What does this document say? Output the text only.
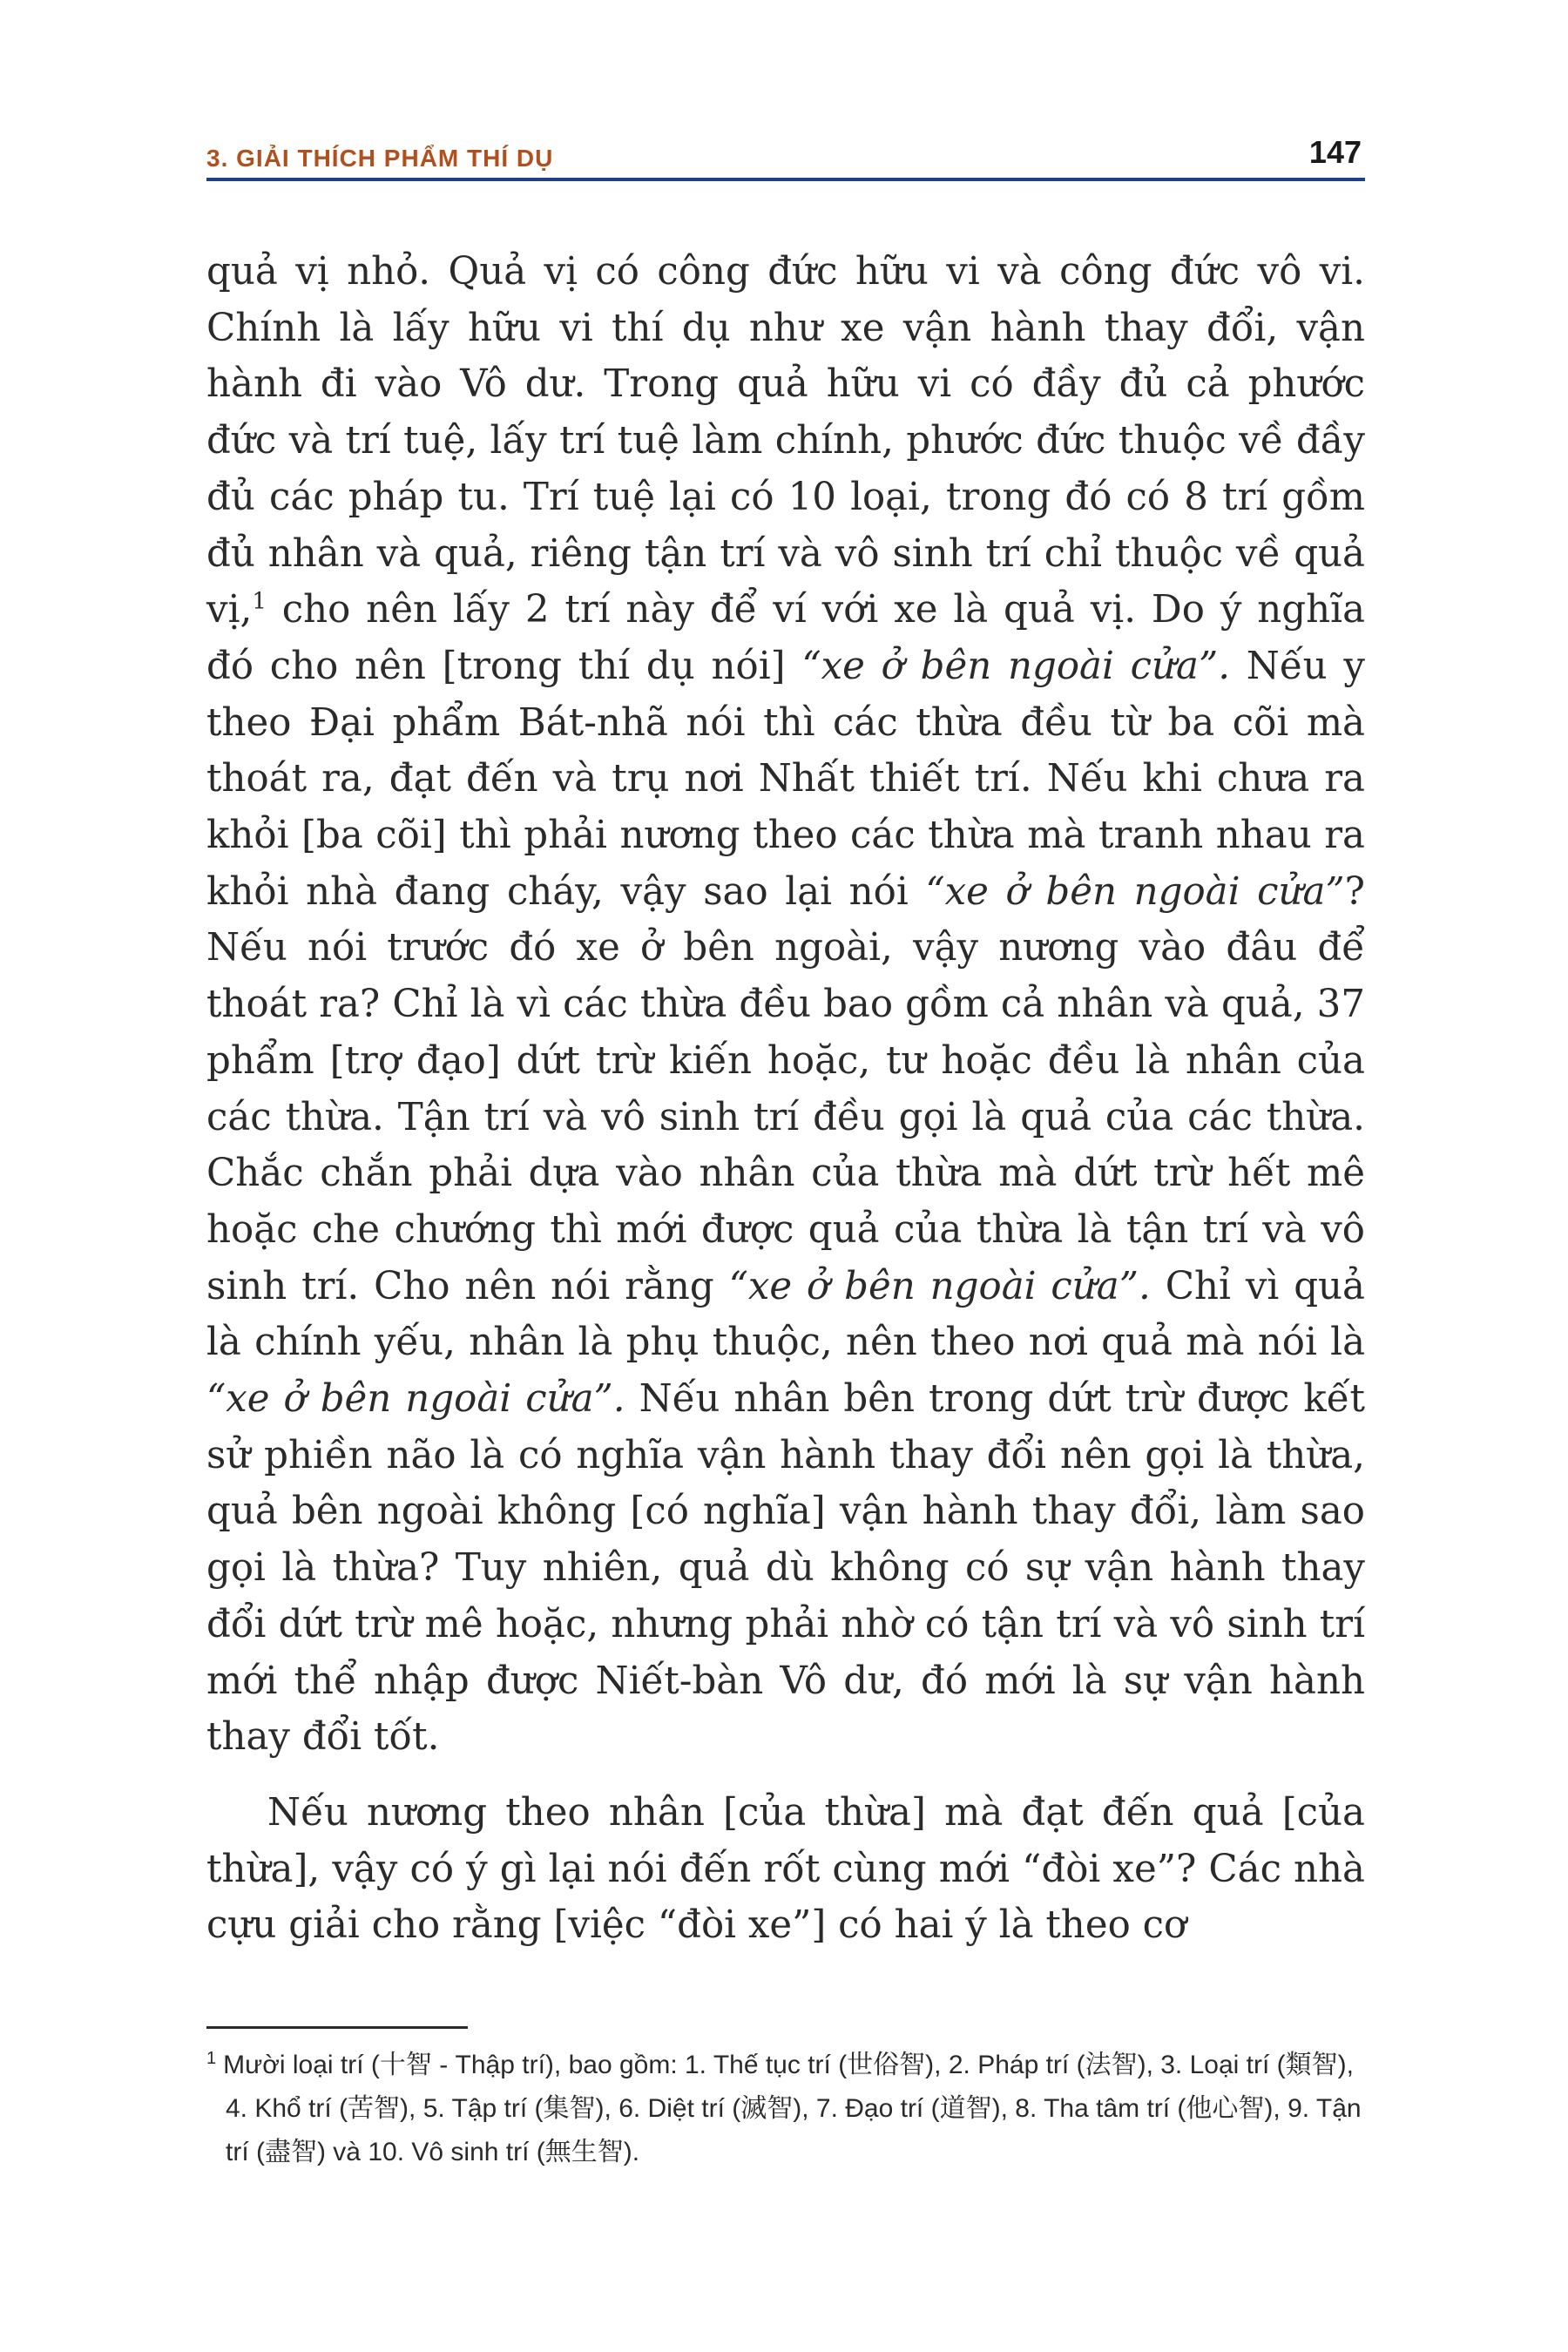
3. GIẢI THÍCH PHẨM THÍ DỤ	147

quả vị nhỏ. Quả vị có công đức hữu vi và công đức vô vi. Chính là lấy hữu vi thí dụ như xe vận hành thay đổi, vận hành đi vào Vô dư. Trong quả hữu vi có đầy đủ cả phước đức và trí tuệ, lấy trí tuệ làm chính, phước đức thuộc về đầy đủ các pháp tu. Trí tuệ lại có 10 loại, trong đó có 8 trí gồm đủ nhân và quả, riêng tận trí và vô sinh trí chỉ thuộc về quả vị,$^1$ cho nên lấy 2 trí này để ví với xe là quả vị. Do ý nghĩa đó cho nên [trong thí dụ nói] “xe ở bên ngoài cửa”. Nếu y theo Đại phẩm Bát-nhã nói thì các thừa đều từ ba cõi mà thoát ra, đạt đến và trụ nơi Nhất thiết trí. Nếu khi chưa ra khỏi [ba cõi] thì phải nương theo các thừa mà tranh nhau ra khỏi nhà đang cháy, vậy sao lại nói “xe ở bên ngoài cửa”? Nếu nói trước đó xe ở bên ngoài, vậy nương vào đâu để thoát ra? Chỉ là vì các thừa đều bao gồm cả nhân và quả, 37 phẩm [trợ đạo] dứt trừ kiến hoặc, tư hoặc đều là nhân của các thừa. Tận trí và vô sinh trí đều gọi là quả của các thừa. Chắc chắn phải dựa vào nhân của thừa mà dứt trừ hết mê hoặc che chướng thì mới được quả của thừa là tận trí và vô sinh trí. Cho nên nói rằng “xe ở bên ngoài cửa”. Chỉ vì quả là chính yếu, nhân là phụ thuộc, nên theo nơi quả mà nói là “xe ở bên ngoài cửa”. Nếu nhân bên trong dứt trừ được kết sử phiền não là có nghĩa vận hành thay đổi nên gọi là thừa, quả bên ngoài không [có nghĩa] vận hành thay đổi, làm sao gọi là thừa? Tuy nhiên, quả dù không có sự vận hành thay đổi dứt trừ mê hoặc, nhưng phải nhờ có tận trí và vô sinh trí mới thể nhập được Niết-bàn Vô dư, đó mới là sự vận hành thay đổi tốt.

Nếu nương theo nhân [của thừa] mà đạt đến quả [của thừa], vậy có ý gì lại nói đến rốt cùng mới “đòi xe”? Các nhà cựu giải cho rằng [việc “đòi xe”] có hai ý là theo cơ

$^1$ Mười loại trí (十智 - Thập trí), bao gồm: 1. Thế tục trí (世俗智), 2. Pháp trí (法智), 3. Loại trí (類智), 4. Khổ trí (苦智), 5. Tập trí (集智), 6. Diệt trí (滅智), 7. Đạo trí (道智), 8. Tha tâm trí (他心智), 9. Tận trí (盡智) và 10. Vô sinh trí (無生智).
